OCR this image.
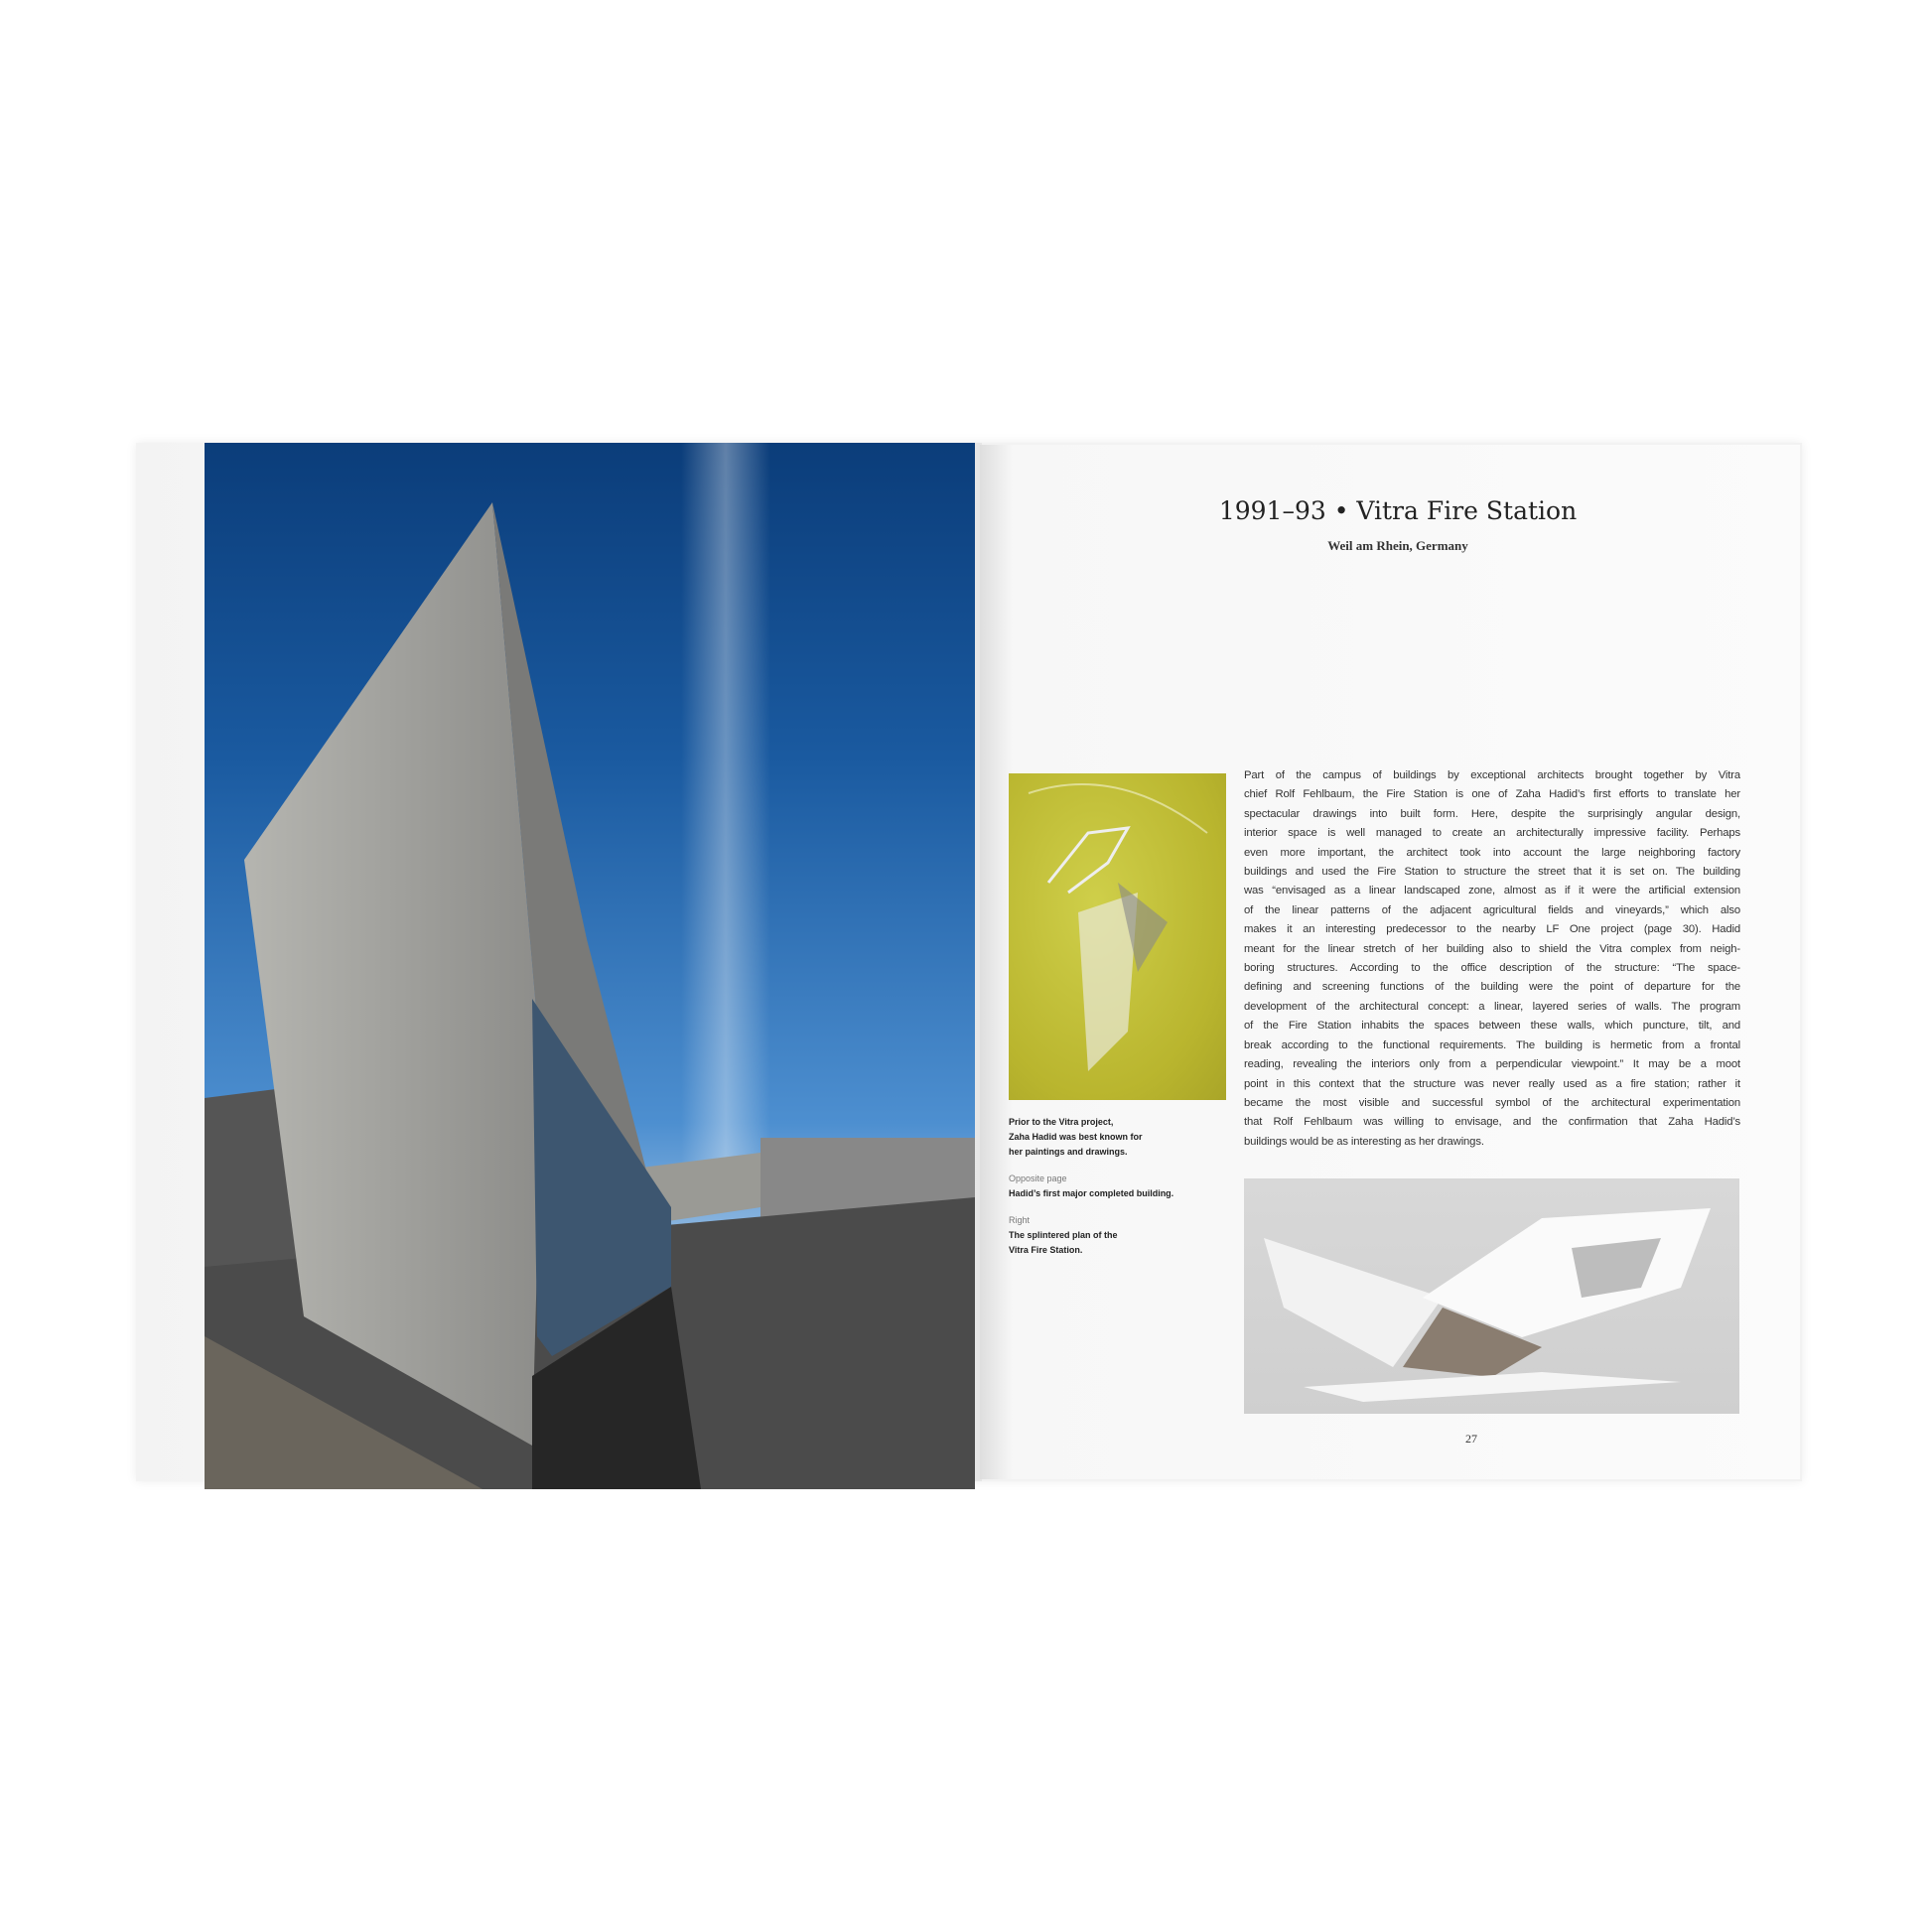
1991–93 • Vitra Fire Station
Weil am Rhein, Germany
Prior to the Vitra project,
Zaha Hadid was best known for
her paintings and drawings.
Opposite page
Hadid’s first major completed building.
Right
The splintered plan of the
Vitra Fire Station.
Part of the campus of buildings by exceptional architects brought together by Vitra
chief Rolf Fehlbaum, the Fire Station is one of Zaha Hadid’s first efforts to translate her
spectacular drawings into built form. Here, despite the surprisingly angular design,
interior space is well managed to create an architecturally impressive facility. Perhaps
even more important, the architect took into account the large neighboring factory
buildings and used the Fire Station to structure the street that it is set on. The building
was “envisaged as a linear landscaped zone, almost as if it were the artificial extension
of the linear patterns of the adjacent agricultural fields and vineyards,” which also
makes it an interesting predecessor to the nearby LF One project (page 30). Hadid
meant for the linear stretch of her building also to shield the Vitra complex from neigh-
boring structures. According to the office description of the structure: “The space-
defining and screening functions of the building were the point of departure for the
development of the architectural concept: a linear, layered series of walls. The program
of the Fire Station inhabits the spaces between these walls, which puncture, tilt, and
break according to the functional requirements. The building is hermetic from a frontal
reading, revealing the interiors only from a perpendicular viewpoint.” It may be a moot
point in this context that the structure was never really used as a fire station; rather it
became the most visible and successful symbol of the architectural experimentation
that Rolf Fehlbaum was willing to envisage, and the confirmation that Zaha Hadid’s
buildings would be as interesting as her drawings.
27
